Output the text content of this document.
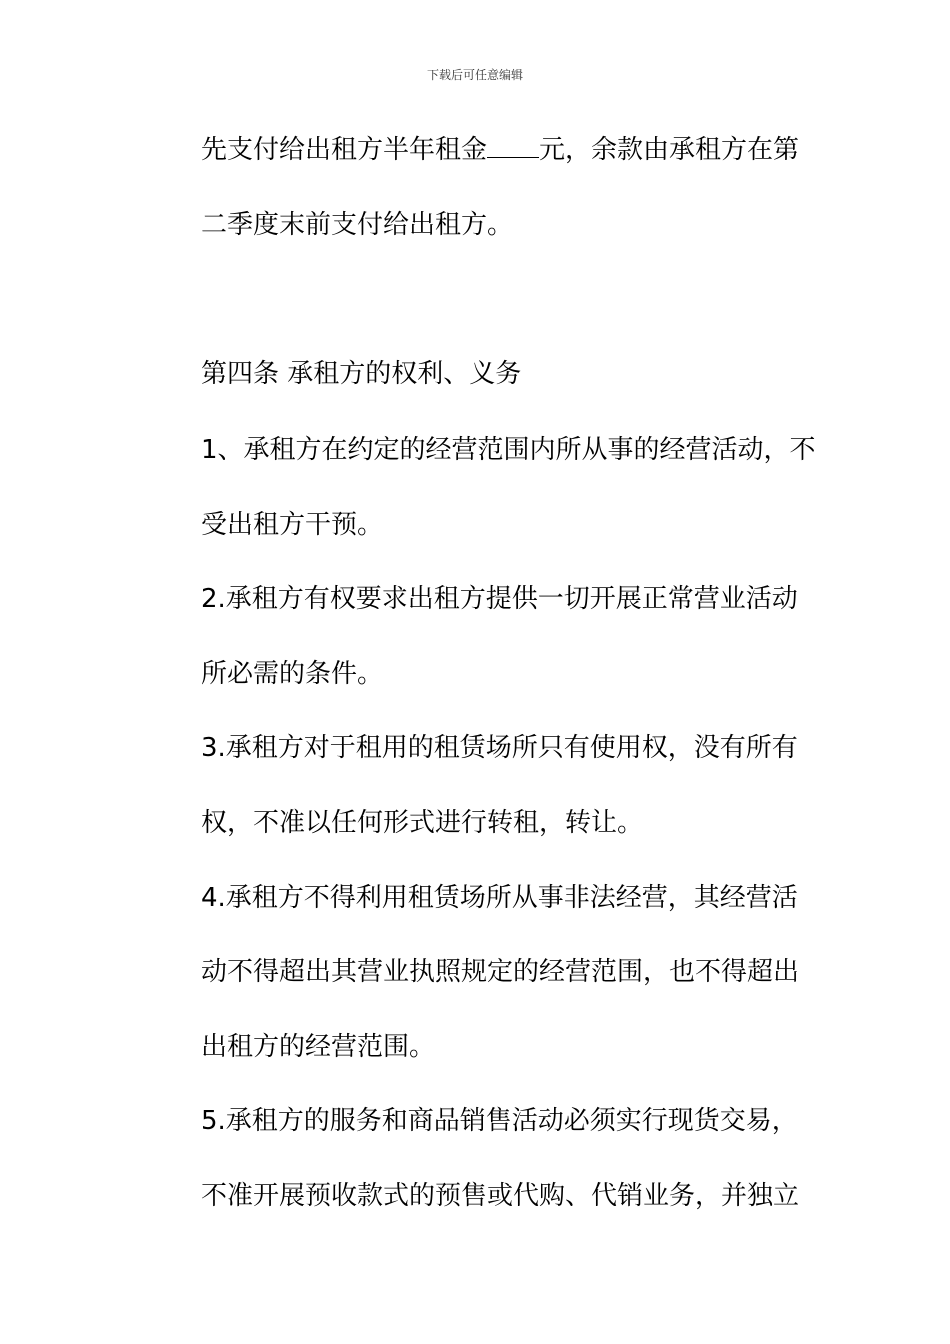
下载后可任意编辑
先支付给出租方半年租金 元，余款由承租方在第
二季度末前支付给出租方。
第四条 承租方的权利、义务
1、承租方在约定的经营范围内所从事的经营活动，不
受出租方干预。
2.承租方有权要求出租方提供一切开展正常营业活动
所必需的条件。
3.承租方对于租用的租赁场所只有使用权，没有所有
权，不准以任何形式进行转租，转让。
4.承租方不得利用租赁场所从事非法经营，其经营活
动不得超出其营业执照规定的经营范围，也不得超出
出租方的经营范围。
5.承租方的服务和商品销售活动必须实行现货交易，
不准开展预收款式的预售或代购、代销业务，并独立
